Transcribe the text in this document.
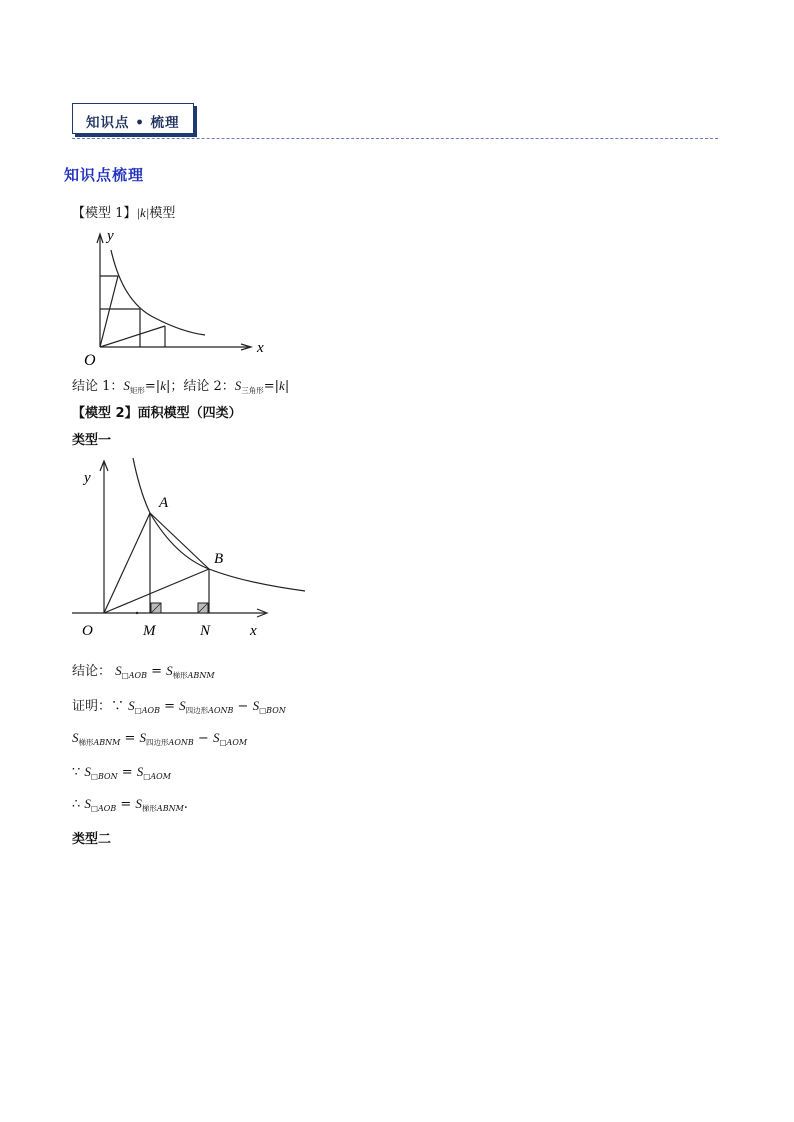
知识点 • 梳理
知识点梳理
【模型 1】|k|模型
y
x
O
y
A
B
O	M	N	x
结论 1：$S_{矩形}=|k|$；结论 2：$S_{三角形}=|k|$
【模型 2】面积模型（四类）
类型一
结论： $S_{□AOB} = S_{梯形ABNM}$
证明：∵ $S_{□AOB} = S_{四边形AONB} - S_{□BON}$
$S_{梯形ABNM} = S_{四边形AONB} - S_{□AOM}$
∵ $S_{□BON} = S_{□AOM}$
∴ $S_{□AOB} = S_{梯形ABNM}$.
类型二
